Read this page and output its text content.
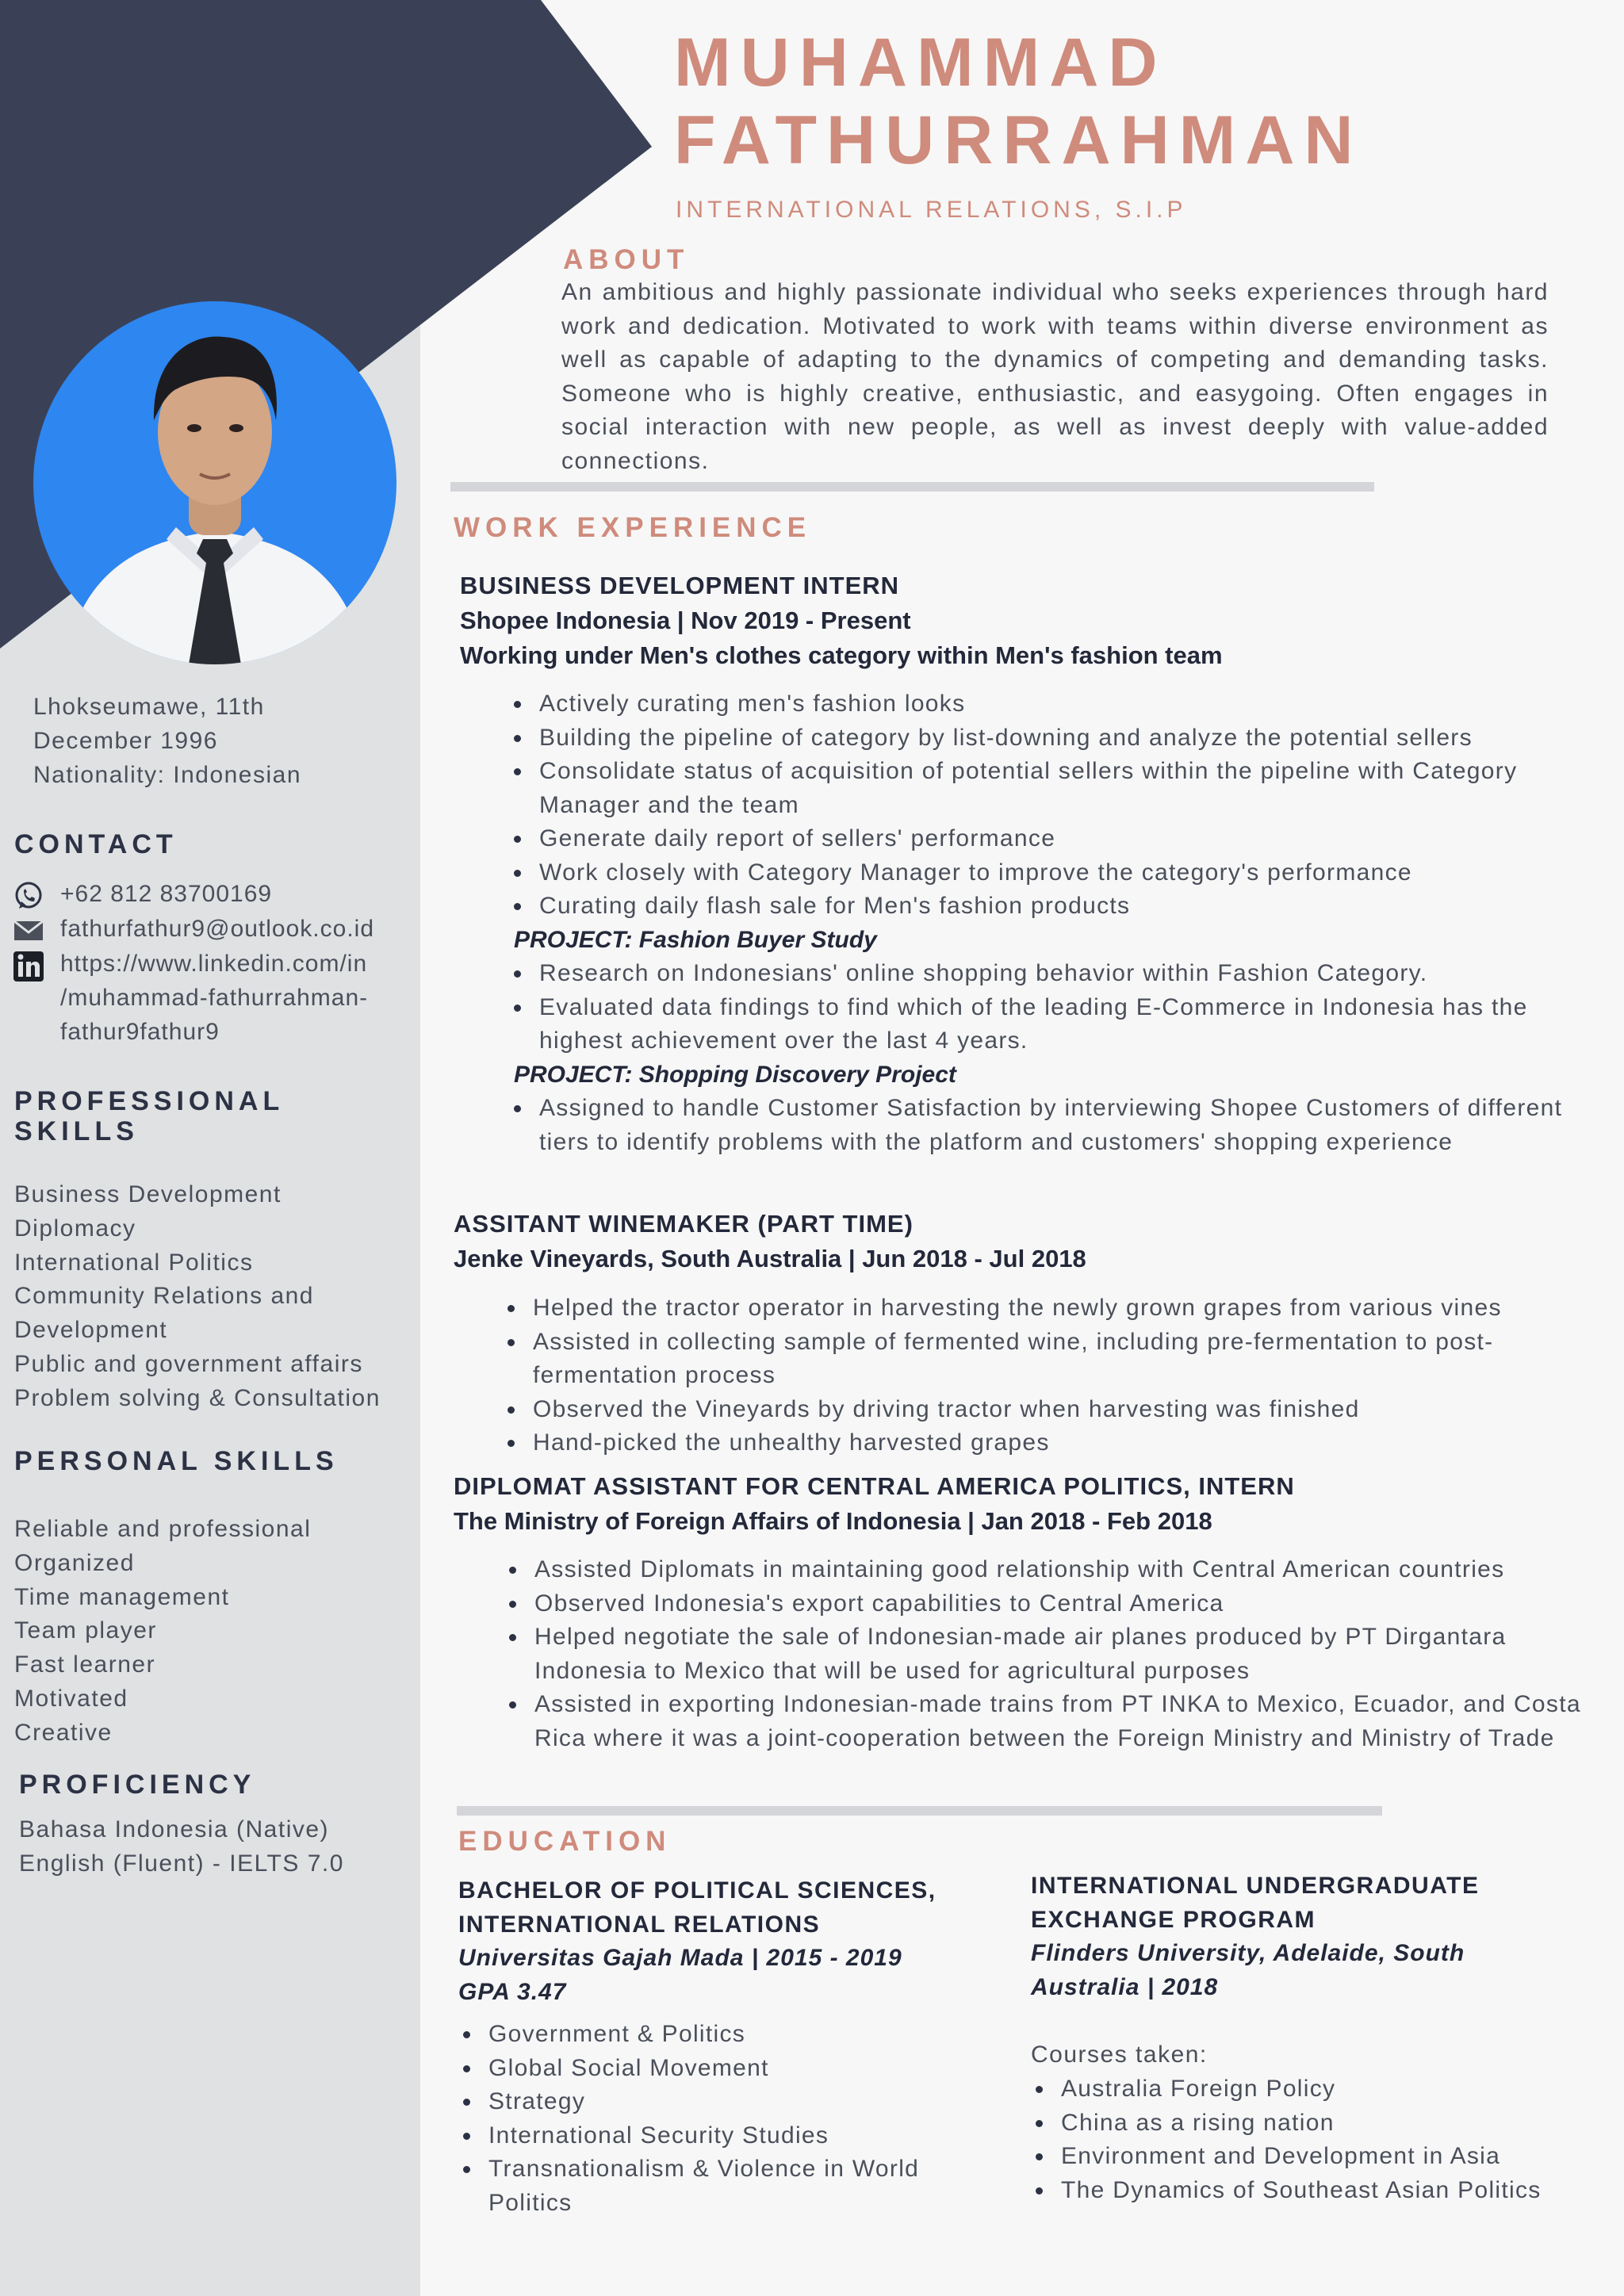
MUHAMMAD
FATHURRAHMAN
INTERNATIONAL RELATIONS, S.I.P
ABOUT

An ambitious and highly passionate individual who seeks experiences through hard work and dedication. Motivated to work with teams within diverse environment as well as capable of adapting to the dynamics of competing and demanding tasks. Someone who is highly creative, enthusiastic, and easygoing. Often engages in social interaction with new people, as well as invest deeply with value-added connections.

Lhokseumawe, 11th
December 1996
Nationality: Indonesian
CONTACT
+62 812 83700169
fathurfathur9@outlook.co.id
https://www.linkedin.com/in
/muhammad-fathurrahman-
fathur9fathur9
PROFESSIONAL
SKILLS
Business Development
Diplomacy
International Politics
Community Relations and
Development
Public and government affairs
Problem solving & Consultation
PERSONAL SKILLS
Reliable and professional
Organized
Time management
Team player
Fast learner
Motivated
Creative
PROFICIENCY
Bahasa Indonesia (Native)
English (Fluent) - IELTS 7.0
WORK EXPERIENCE
BUSINESS DEVELOPMENT INTERN
Shopee Indonesia | Nov 2019 - Present
Working under Men's clothes category within Men's fashion team
Actively curating men's fashion looks
Building the pipeline of category by list-downing and analyze the potential sellers
Consolidate status of acquisition of potential sellers within the pipeline with Category Manager and the team
Generate daily report of sellers' performance
Work closely with Category Manager to improve the category's performance
Curating daily flash sale for Men's fashion products
PROJECT: Fashion Buyer Study
Research on Indonesians' online shopping behavior within Fashion Category.
Evaluated data findings to find which of the leading E-Commerce in Indonesia has the highest achievement over the last 4 years.
PROJECT: Shopping Discovery Project
Assigned to handle Customer Satisfaction by interviewing Shopee Customers of different tiers to identify problems with the platform and customers' shopping experience
ASSITANT WINEMAKER (PART TIME)
Jenke Vineyards, South Australia | Jun 2018 - Jul 2018
Helped the tractor operator in harvesting the newly grown grapes from various vines
Assisted in collecting sample of fermented wine, including pre-fermentation to post-fermentation process
Observed the Vineyards by driving tractor when harvesting was finished
Hand-picked the unhealthy harvested grapes
DIPLOMAT ASSISTANT FOR CENTRAL AMERICA POLITICS, INTERN
The Ministry of Foreign Affairs of Indonesia | Jan 2018 - Feb 2018
Assisted Diplomats in maintaining good relationship with Central American countries
Observed Indonesia's export capabilities to Central America
Helped negotiate the sale of Indonesian-made air planes produced by PT Dirgantara Indonesia to Mexico that will be used for agricultural purposes
Assisted in exporting Indonesian-made trains from PT INKA to Mexico, Ecuador, and Costa Rica where it was a joint-cooperation between the Foreign Ministry and Ministry of Trade
EDUCATION
BACHELOR OF POLITICAL SCIENCES,
INTERNATIONAL RELATIONS
Universitas Gajah Mada | 2015 - 2019
GPA 3.47
Government & Politics
Global Social Movement
Strategy
International Security Studies
Transnationalism & Violence in World Politics
INTERNATIONAL UNDERGRADUATE
EXCHANGE PROGRAM
Flinders University, Adelaide, South
Australia | 2018
Courses taken:
Australia Foreign Policy
China as a rising nation
Environment and Development in Asia
The Dynamics of Southeast Asian Politics
